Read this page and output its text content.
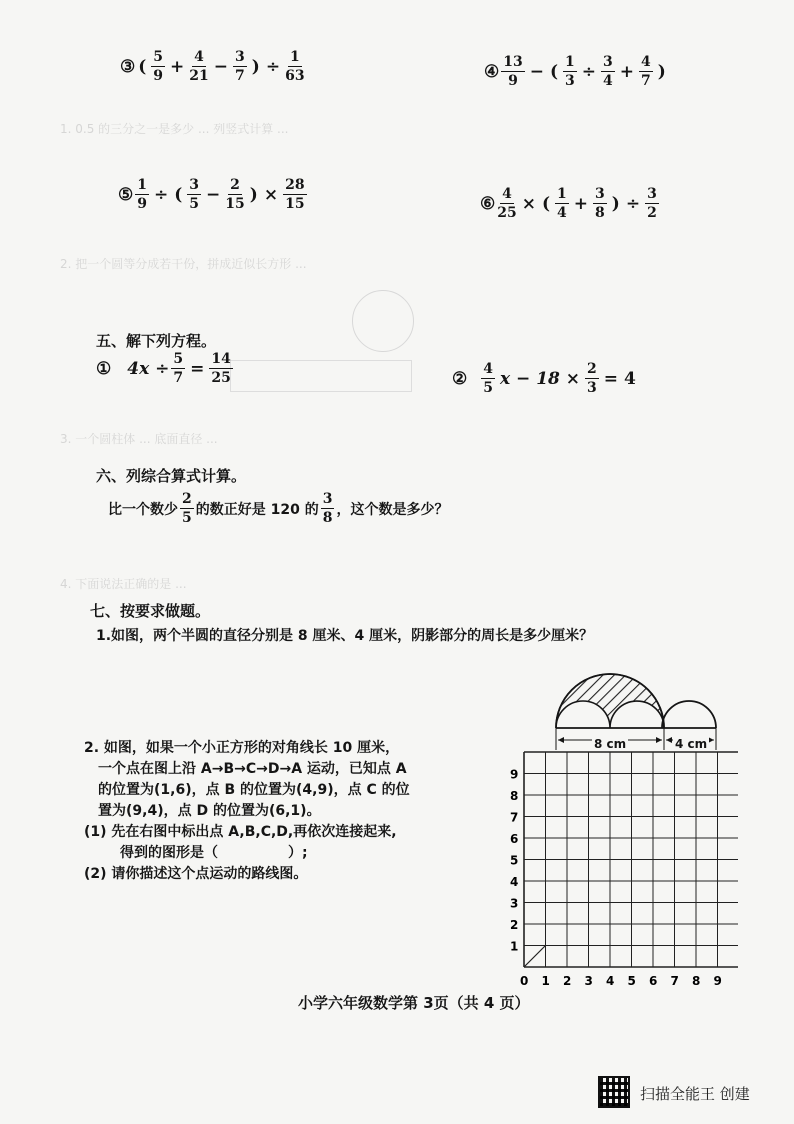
1. 0.5 的三分之一是多少 ... 列竖式计算 ...
2. 把一个圆等分成若干份，拼成近似长方形 ...
3. 一个圆柱体 ... 底面直径 ...
4. 下面说法正确的是 ...
③ ( $\frac{5}{9} + \frac{4}{21} - \frac{3}{7}$ ) ÷ $\frac{1}{63}$	④ $\frac{13}{9}$ − ( $\frac{1}{3} \div \frac{3}{4} + \frac{4}{7}$ )
⑤ $\frac{1}{9}$ ÷ ( $\frac{3}{5} - \frac{2}{15}$ ) × $\frac{28}{15}$	⑥ $\frac{4}{25}$ × ( $\frac{1}{4} + \frac{3}{8}$ ) ÷ $\frac{3}{2}$
五、解下列方程。
① $4x \div \frac{5}{7} = \frac{14}{25}$	② $\frac{4}{5}$ $x - 18 \times \frac{2}{3} = 4$
六、列综合算式计算。
比一个数少 $\frac{2}{5}$ 的数正好是 120 的 $\frac{3}{8}$ ，这个数是多少？
七、按要求做题。
1.如图，两个半圆的直径分别是 8 厘米、4 厘米，阴影部分的周长是多少厘米？
8 cm	4 cm
2. 如图，如果一个小正方形的对角线长 10 厘米，
一个点在图上沿 A→B→C→D→A 运动，已知点 A
的位置为(1,6)，点 B 的位置为(4,9)，点 C 的位
置为(9,4)，点 D 的位置为(6,1)。
(1) 先在右图中标出点 A,B,C,D,再依次连接起来,
得到的图形是（　　　　　）;
(2) 请你描述这个点运动的路线图。
1
2
3
4
5
6
7
8
9
0 1 2 3 4 5 6 7 8 9
小学六年级数学第 3页（共 4 页）
扫描全能王 创建
